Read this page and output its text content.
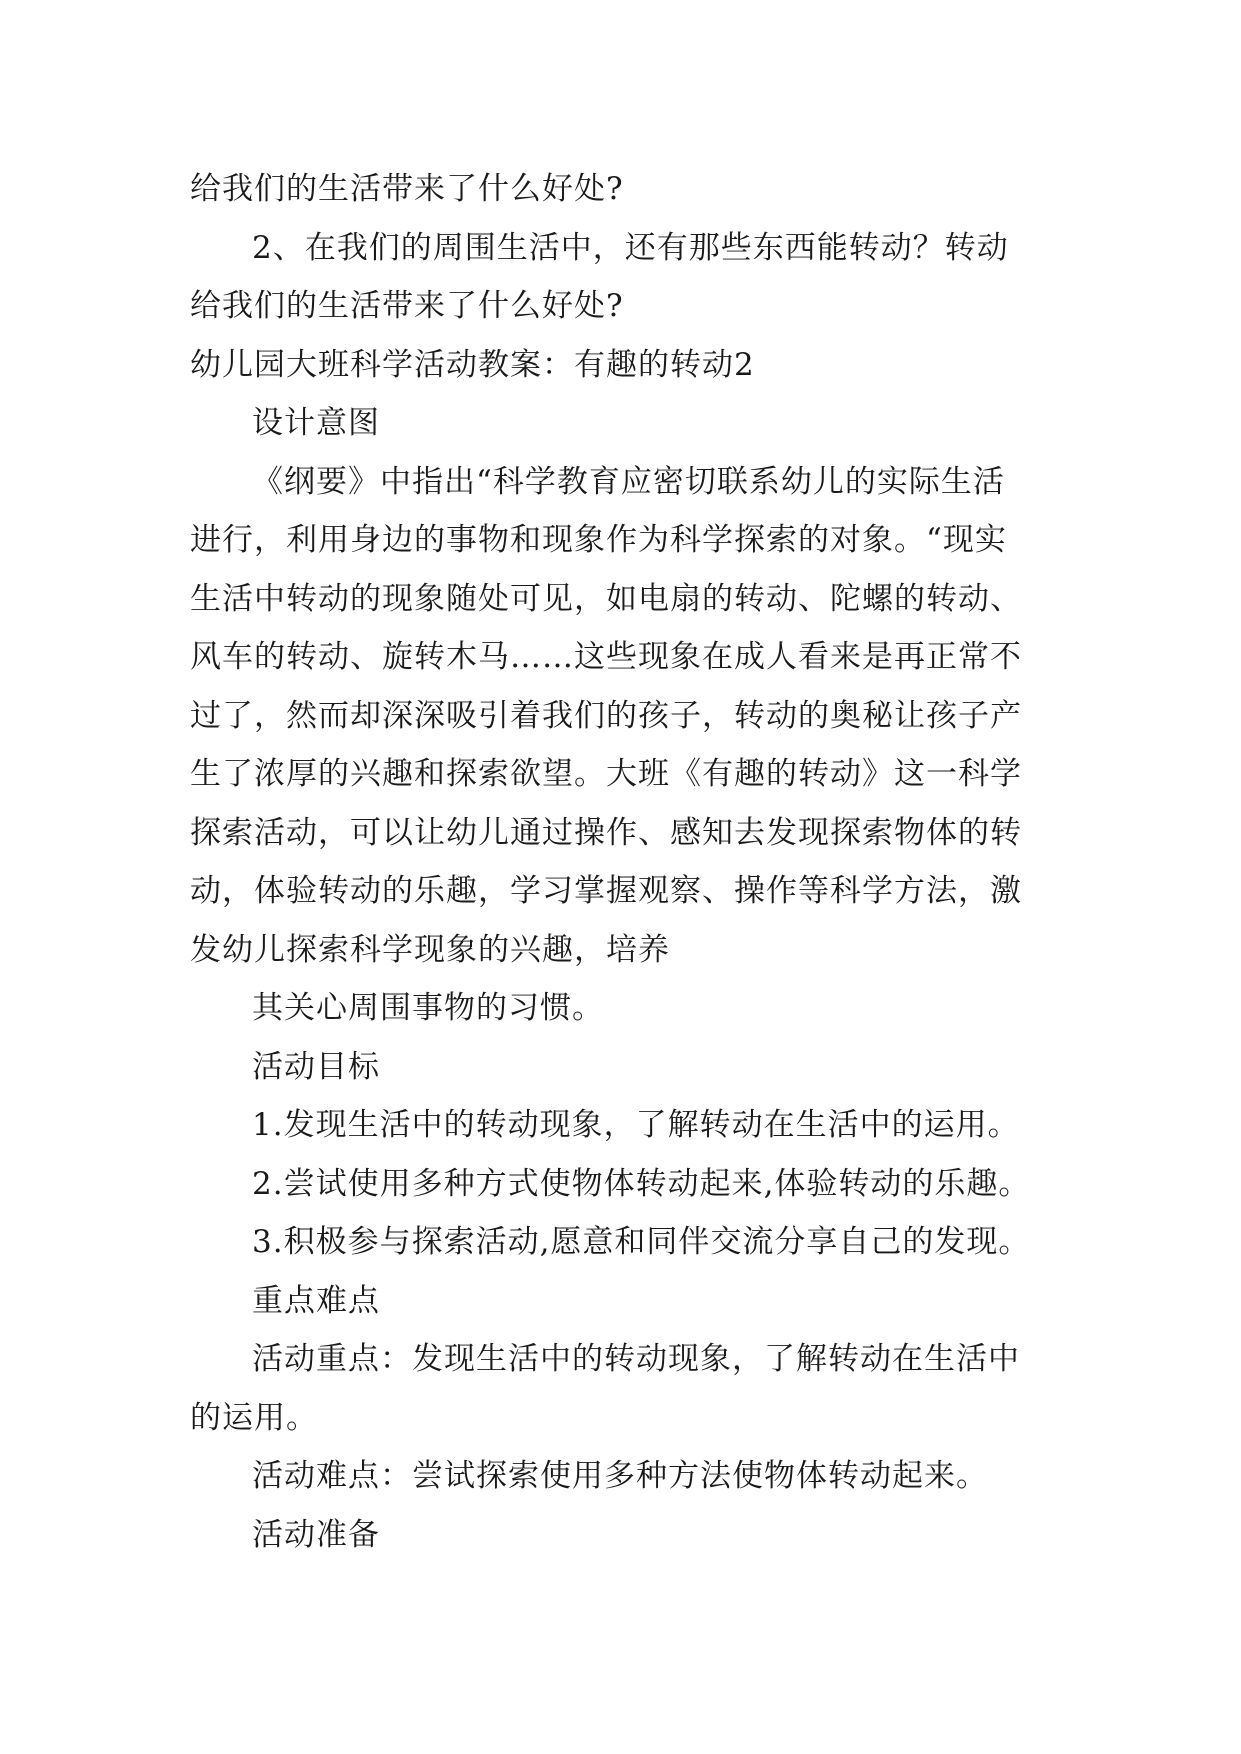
给我们的生活带来了什么好处?
2、在我们的周围生活中，还有那些东西能转动？转动
给我们的生活带来了什么好处?
幼儿园大班科学活动教案：有趣的转动2
设计意图
《纲要》中指出“科学教育应密切联系幼儿的实际生活
进行，利用身边的事物和现象作为科学探索的对象。“现实
生活中转动的现象随处可见，如电扇的转动、陀螺的转动、
风车的转动、旋转木马……这些现象在成人看来是再正常不
过了，然而却深深吸引着我们的孩子，转动的奥秘让孩子产
生了浓厚的兴趣和探索欲望。大班《有趣的转动》这一科学
探索活动，可以让幼儿通过操作、感知去发现探索物体的转
动，体验转动的乐趣，学习掌握观察、操作等科学方法，激
发幼儿探索科学现象的兴趣，培养
其关心周围事物的习惯。
活动目标
1.发现生活中的转动现象，了解转动在生活中的运用。
2.尝试使用多种方式使物体转动起来,体验转动的乐趣。
3.积极参与探索活动,愿意和同伴交流分享自己的发现。
重点难点
活动重点：发现生活中的转动现象，了解转动在生活中
的运用。
活动难点：尝试探索使用多种方法使物体转动起来。
活动准备
